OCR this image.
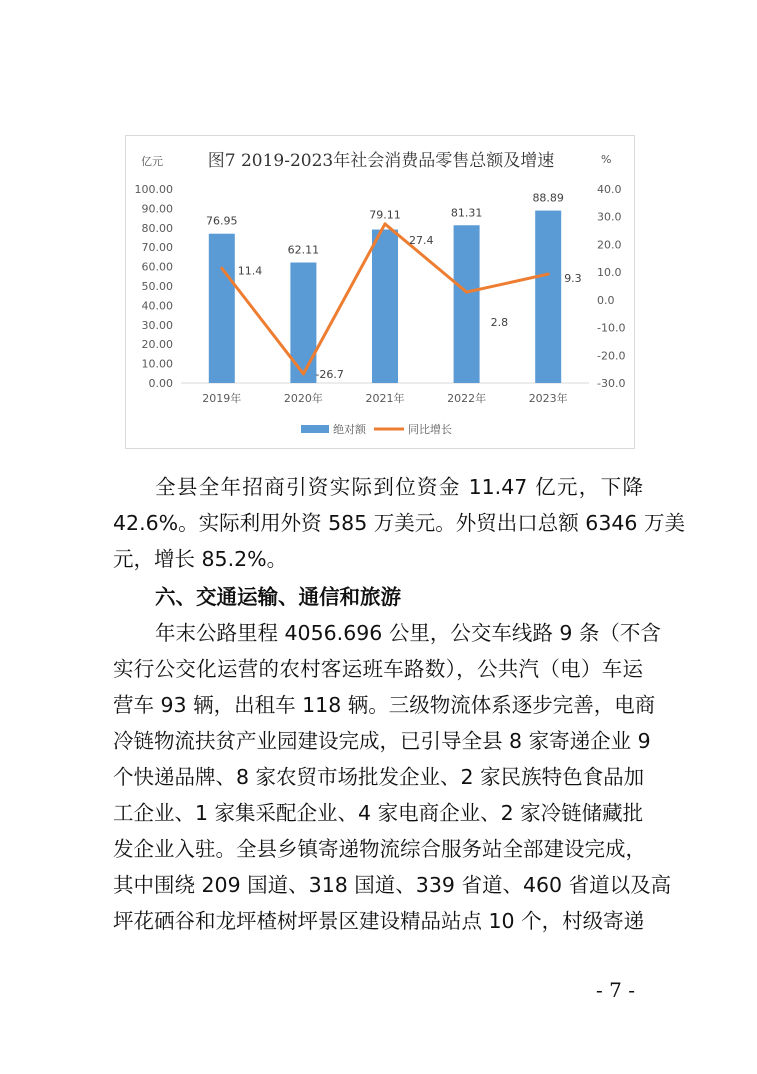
图7 2019-2023年社会消费品零售总额及增速
亿元	%
0.00
10.00
20.00
30.00
40.00
50.00
60.00
70.00
80.00
90.00
100.00
-30.0
-20.0
-10.0
0.0
10.0
20.0
30.0
40.0
76.95
62.11
79.11	81.31
88.89
2019年	2020年	2021年	2022年	2023年
11.4
-26.7
27.4
2.8
9.3
绝对额	同比增长
全县全年招商引资实际到位资金 11.47 亿元，下降
42.6%。实际利用外资 585 万美元。外贸出口总额 6346 万美
元，增长 85.2%。
六、交通运输、通信和旅游
年末公路里程 4056.696 公里，公交车线路 9 条（不含
实行公交化运营的农村客运班车路数），公共汽（电）车运
营车 93 辆，出租车 118 辆。三级物流体系逐步完善，电商
冷链物流扶贫产业园建设完成，已引导全县 8 家寄递企业 9
个快递品牌、8 家农贸市场批发企业、2 家民族特色食品加
工企业、1 家集采配企业、4 家电商企业、2 家冷链储藏批
发企业入驻。全县乡镇寄递物流综合服务站全部建设完成，
其中围绕 209 国道、318 国道、339 省道、460 省道以及高
坪花硒谷和龙坪楂树坪景区建设精品站点 10 个，村级寄递
- 7 -
